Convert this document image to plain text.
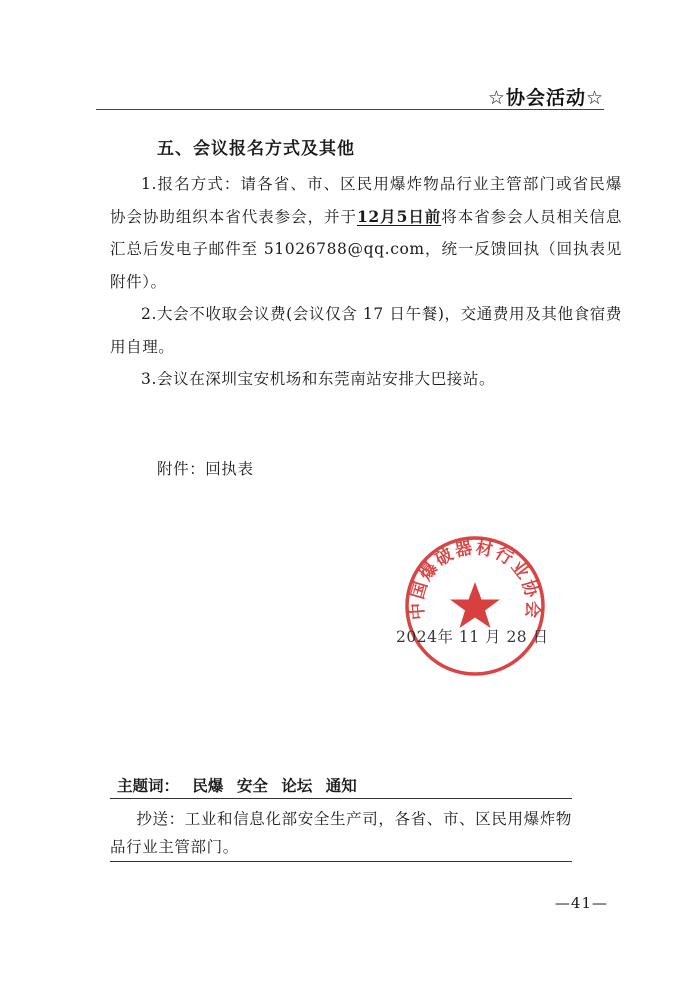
☆协会活动☆
五、会议报名方式及其他

1.报名方式：请各省、市、区民用爆炸物品行业主管部门或省民爆协会协助组织本省代表参会，并于12月5日前将本省参会人员相关信息汇总后发电子邮件至 51026788@qq.com，统一反馈回执（回执表见附件）。

2.大会不收取会议费(会议仅含 17 日午餐)，交通费用及其他食宿费用自理。

3.会议在深圳宝安机场和东莞南站安排大巴接站。

附件：回执表
中国爆破器材行业协会
2024年 11 月 28 日
主题词： 民爆 安全 论坛 通知

抄送：工业和信息化部安全生产司，各省、市、区民用爆炸物品行业主管部门。

—41—
